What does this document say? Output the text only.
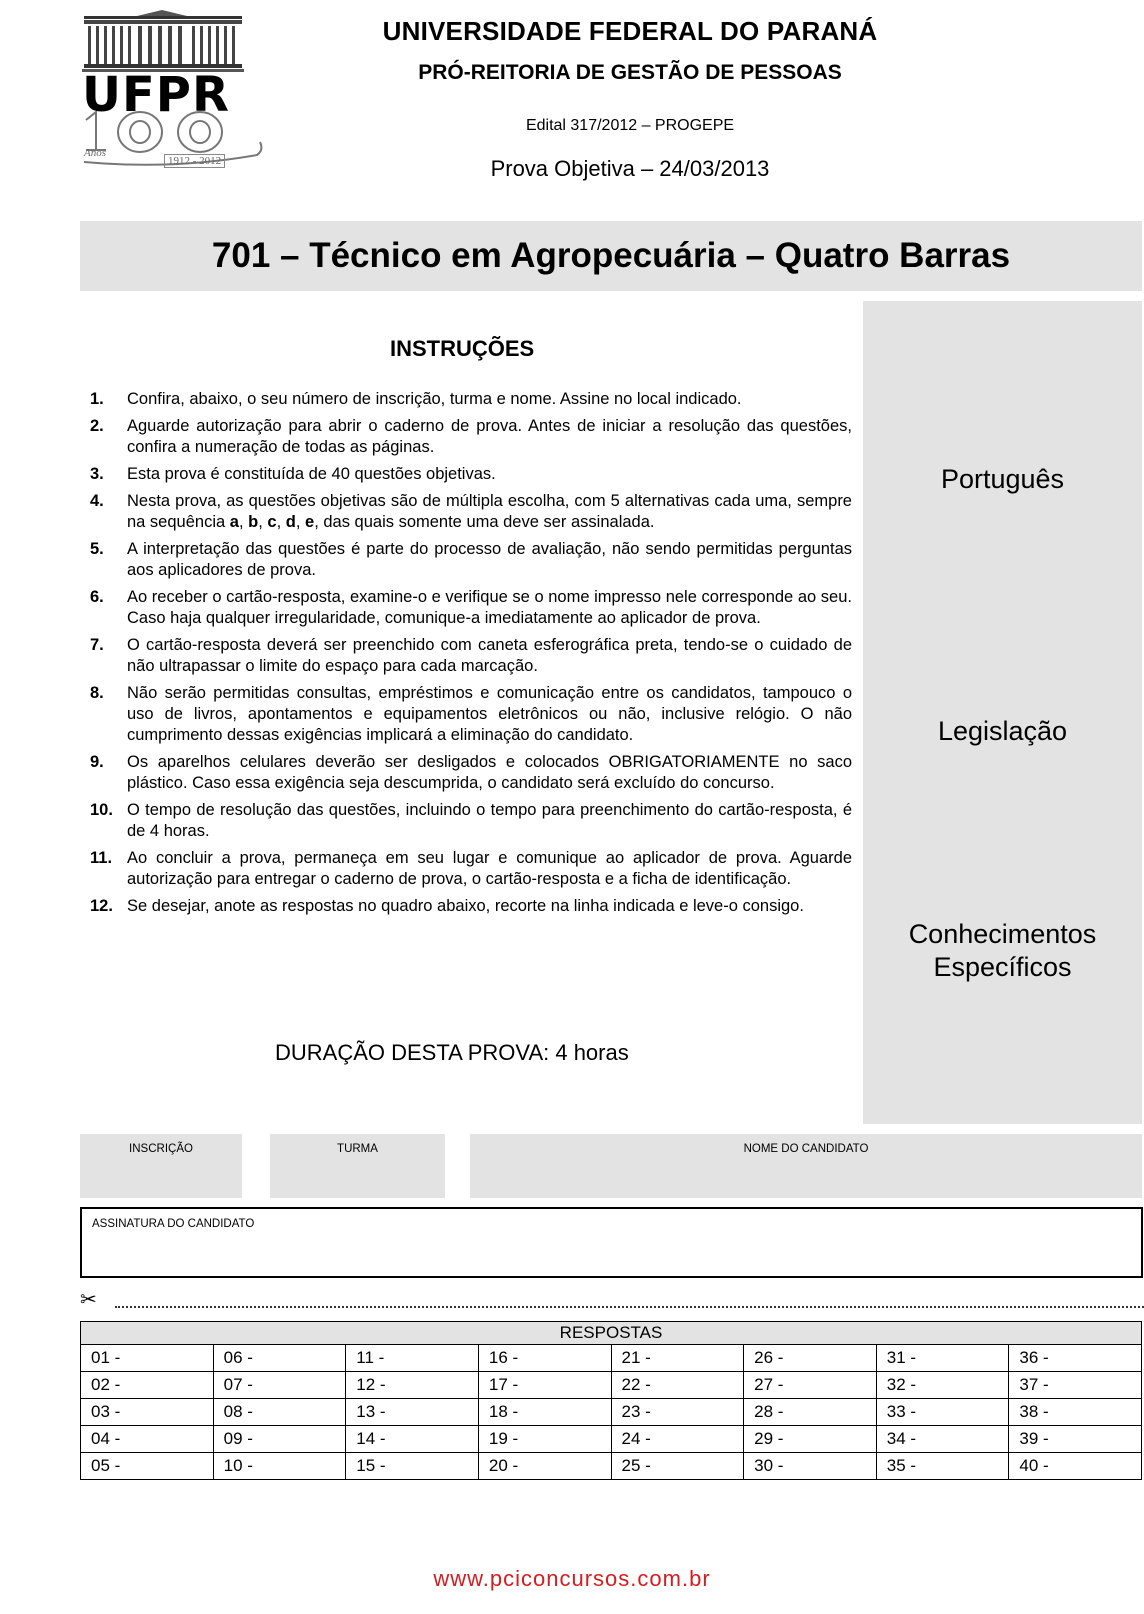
UFPR
Anos
1912 - 2012
UNIVERSIDADE FEDERAL DO PARANÁ
PRÓ-REITORIA DE GESTÃO DE PESSOAS
Edital 317/2012 – PROGEPE
Prova Objetiva – 24/03/2013
701 – Técnico em Agropecuária – Quatro Barras
Português
Legislação
Conhecimentos
Específicos
INSTRUÇÕES
1. Confira, abaixo, o seu número de inscrição, turma e nome. Assine no local indicado.
2. Aguarde autorização para abrir o caderno de prova. Antes de iniciar a resolução das questões, confira a numeração de todas as páginas.
3. Esta prova é constituída de 40 questões objetivas.
4. Nesta prova, as questões objetivas são de múltipla escolha, com 5 alternativas cada uma, sempre na sequência a, b, c, d, e, das quais somente uma deve ser assinalada.
5. A interpretação das questões é parte do processo de avaliação, não sendo permitidas perguntas aos aplicadores de prova.
6. Ao receber o cartão-resposta, examine-o e verifique se o nome impresso nele corresponde ao seu. Caso haja qualquer irregularidade, comunique-a imediatamente ao aplicador de prova.
7. O cartão-resposta deverá ser preenchido com caneta esferográfica preta, tendo-se o cuidado de não ultrapassar o limite do espaço para cada marcação.
8. Não serão permitidas consultas, empréstimos e comunicação entre os candidatos, tampouco o uso de livros, apontamentos e equipamentos eletrônicos ou não, inclusive relógio. O não cumprimento dessas exigências implicará a eliminação do candidato.
9. Os aparelhos celulares deverão ser desligados e colocados OBRIGATORIAMENTE no saco plástico. Caso essa exigência seja descumprida, o candidato será excluído do concurso.
10. O tempo de resolução das questões, incluindo o tempo para preenchimento do cartão-resposta, é de 4 horas.
11. Ao concluir a prova, permaneça em seu lugar e comunique ao aplicador de prova. Aguarde autorização para entregar o caderno de prova, o cartão-resposta e a ficha de identificação.
12. Se desejar, anote as respostas no quadro abaixo, recorte na linha indicada e leve-o consigo.
DURAÇÃO DESTA PROVA: 4 horas
INSCRIÇÃO	TURMA	NOME DO CANDIDATO
ASSINATURA DO CANDIDATO
✂
RESPOSTAS							
01 -	06 -	11 -	16 -	21 -	26 -	31 -	36 -
02 -	07 -	12 -	17 -	22 -	27 -	32 -	37 -
03 -	08 -	13 -	18 -	23 -	28 -	33 -	38 -
04 -	09 -	14 -	19 -	24 -	29 -	34 -	39 -
05 -	10 -	15 -	20 -	25 -	30 -	35 -	40 -
www.pciconcursos.com.br
